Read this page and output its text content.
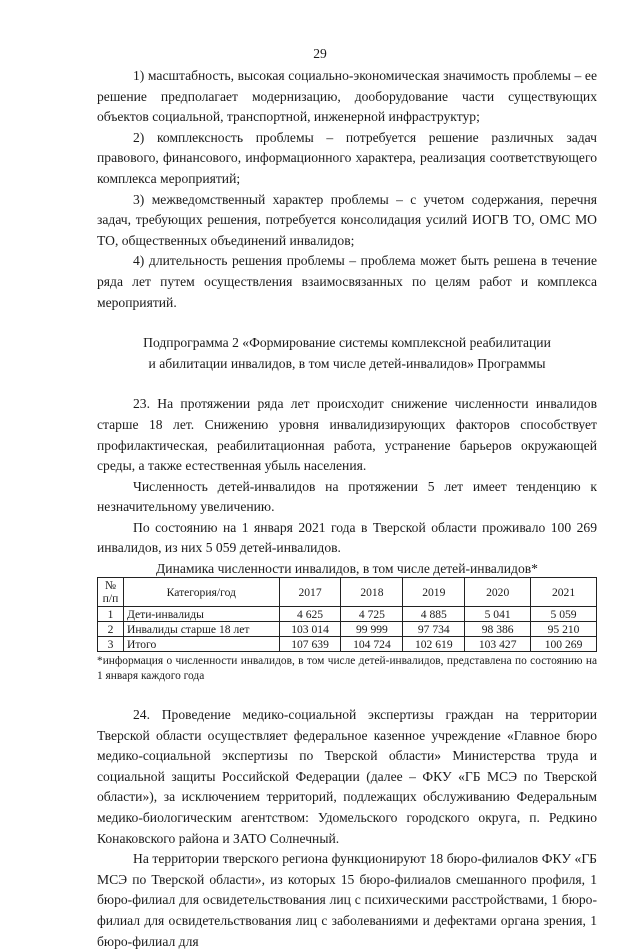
29

1) масштабность, высокая социально-экономическая значимость проблемы – ее решение предполагает модернизацию, дооборудование части существующих объектов социальной, транспортной, инженерной инфраструктур;

2) комплексность проблемы – потребуется решение различных задач правового, финансового, информационного характера, реализация соответствующего комплекса мероприятий;

3) межведомственный характер проблемы – с учетом содержания, перечня задач, требующих решения, потребуется консолидация усилий ИОГВ ТО, ОМС МО ТО, общественных объединений инвалидов;

4) длительность решения проблемы – проблема может быть решена в течение ряда лет путем осуществления взаимосвязанных по целям работ и комплекса мероприятий.

Подпрограмма 2 «Формирование системы комплексной реабилитации
и абилитации инвалидов, в том числе детей-инвалидов» Программы

23. На протяжении ряда лет происходит снижение численности инвалидов старше 18 лет. Снижению уровня инвалидизирующих факторов способствует профилактическая, реабилитационная работа, устранение барьеров окружающей среды, а также естественная убыль населения.

Численность детей-инвалидов на протяжении 5 лет имеет тенденцию к незначительному увеличению.

По состоянию на 1 января 2021 года в Тверской области проживало 100 269 инвалидов, из них 5 059 детей-инвалидов.

Динамика численности инвалидов, в том числе детей-инвалидов*

№ п/п	Категория/год	2017	2018	2019	2020	2021
1	Дети-инвалиды	4 625	4 725	4 885	5 041	5 059
2	Инвалиды старше 18 лет	103 014	99 999	97 734	98 386	95 210
3	Итого	107 639	104 724	102 619	103 427	100 269

*информация о численности инвалидов, в том числе детей-инвалидов, представлена по состоянию на 1 января каждого года

24. Проведение медико-социальной экспертизы граждан на территории Тверской области осуществляет федеральное казенное учреждение «Главное бюро медико-социальной экспертизы по Тверской области» Министерства труда и социальной защиты Российской Федерации (далее – ФКУ «ГБ МСЭ по Тверской области»), за исключением территорий, подлежащих обслуживанию Федеральным медико-биологическим агентством: Удомельского городского округа, п. Редкино Конаковского района и ЗАТО Солнечный.

На территории тверского региона функционируют 18 бюро-филиалов ФКУ «ГБ МСЭ по Тверской области», из которых 15 бюро-филиалов смешанного профиля, 1 бюро-филиал для освидетельствования лиц с психическими расстройствами, 1 бюро-филиал для освидетельствования лиц с заболеваниями и дефектами органа зрения, 1 бюро-филиал для
